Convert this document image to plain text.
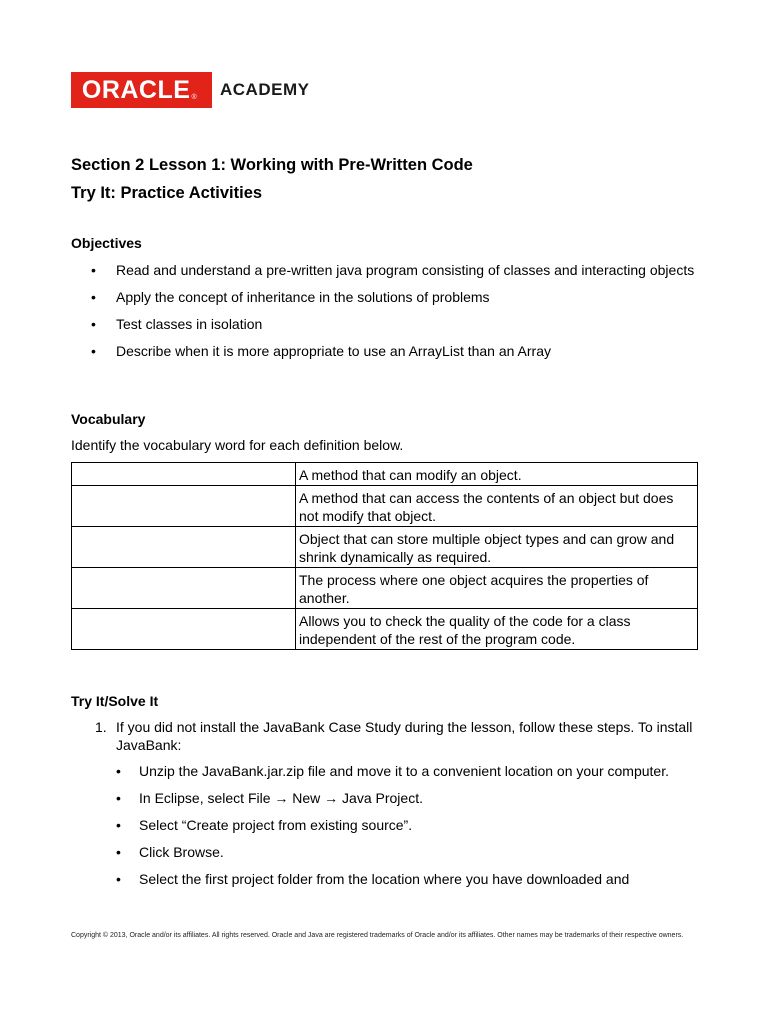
ORACLE ® ACADEMY
Section 2 Lesson 1: Working with Pre-Written Code
Try It: Practice Activities
Objectives
• Read and understand a pre-written java program consisting of classes and interacting objects
• Apply the concept of inheritance in the solutions of problems
• Test classes in isolation
• Describe when it is more appropriate to use an ArrayList than an Array
Vocabulary
Identify the vocabulary word for each definition below.
	A method that can modify an object.
	A method that can access the contents of an object but does not modify that object.
	Object that can store multiple object types and can grow and shrink dynamically as required.
	The process where one object acquires the properties of another.
	Allows you to check the quality of the code for a class independent of the rest of the program code.
Try It/Solve It
1. If you did not install the JavaBank Case Study during the lesson, follow these steps. To install JavaBank:
• Unzip the JavaBank.jar.zip file and move it to a convenient location on your computer.
• In Eclipse, select File → New → Java Project.
• Select “Create project from existing source”.
• Click Browse.
• Select the first project folder from the location where you have downloaded and
Copyright © 2013, Oracle and/or its affiliates. All rights reserved. Oracle and Java are registered trademarks of Oracle and/or its affiliates. Other names may be trademarks of their respective owners.
